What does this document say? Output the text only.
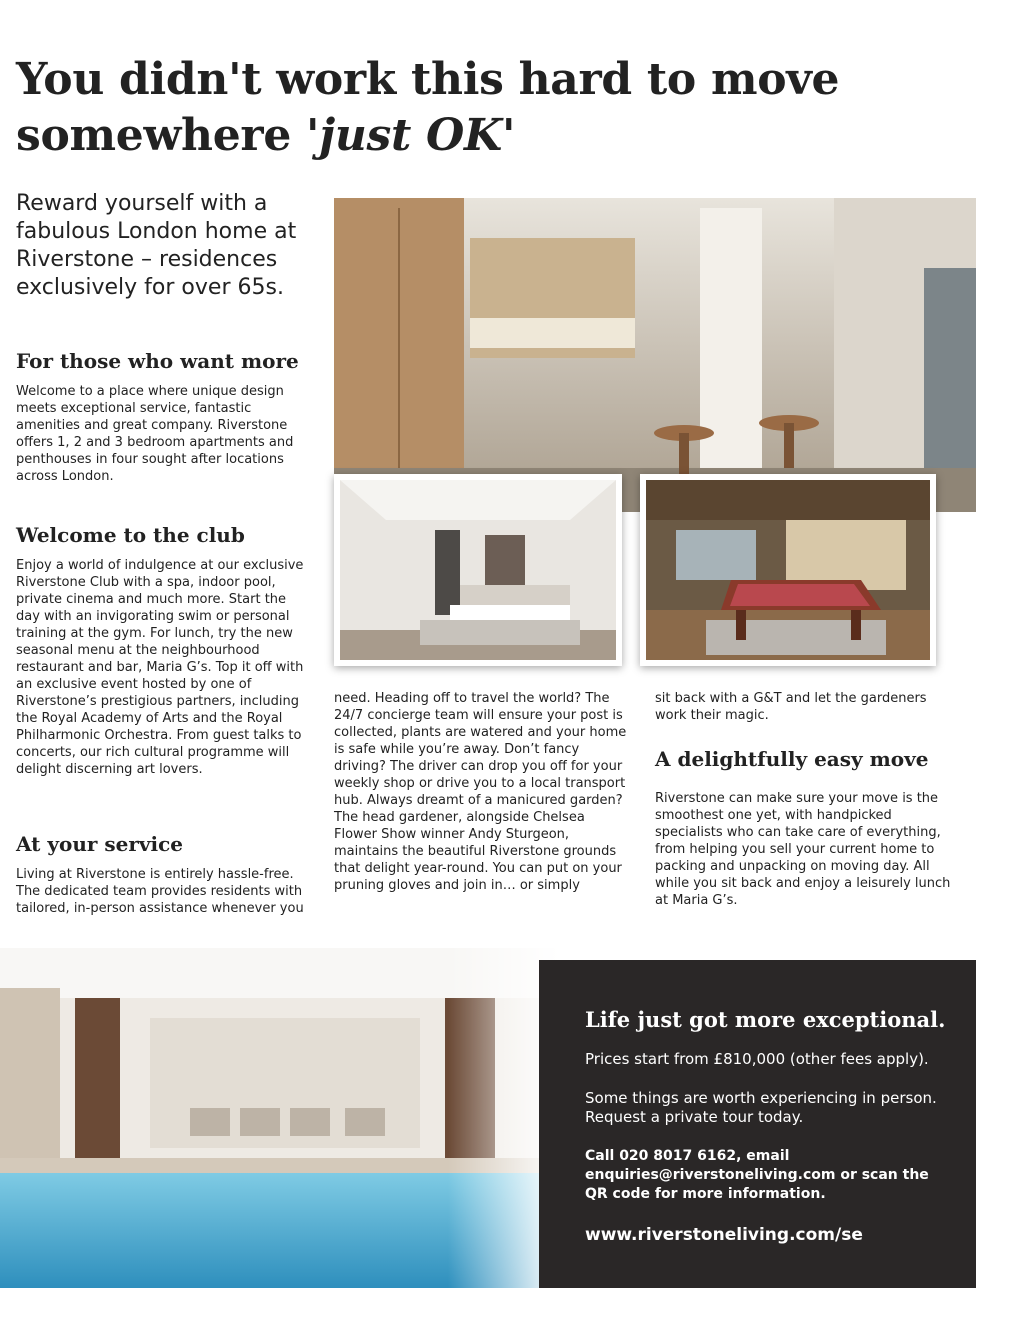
You didn't work this hard to move
somewhere 'just OK'

Reward yourself with a fabulous London home at Riverstone – residences exclusively for over 65s.

For those who want more

Welcome to a place where unique design meets exceptional service, fantastic amenities and great company. Riverstone offers 1, 2 and 3 bedroom apartments and penthouses in four sought after locations across London.

Welcome to the club

Enjoy a world of indulgence at our exclusive Riverstone Club with a spa, indoor pool, private cinema and much more. Start the day with an invigorating swim or personal training at the gym. For lunch, try the new seasonal menu at the neighbourhood restaurant and bar, Maria G’s. Top it off with an exclusive event hosted by one of Riverstone’s prestigious partners, including the Royal Academy of Arts and the Royal Philharmonic Orchestra. From guest talks to concerts, our rich cultural programme will delight discerning art lovers.

At your service

Living at Riverstone is entirely hassle-free. The dedicated team provides residents with tailored, in-person assistance whenever you

need. Heading off to travel the world? The 24/7 concierge team will ensure your post is collected, plants are watered and your home is safe while you’re away. Don’t fancy driving? The driver can drop you off for your weekly shop or drive you to a local transport hub. Always dreamt of a manicured garden? The head gardener, alongside Chelsea Flower Show winner Andy Sturgeon, maintains the beautiful Riverstone grounds that delight year-round. You can put on your pruning gloves and join in… or simply

sit back with a G&T and let the gardeners work their magic.

A delightfully easy move

Riverstone can make sure your move is the smoothest one yet, with handpicked specialists who can take care of everything, from helping you sell your current home to packing and unpacking on moving day. All while you sit back and enjoy a leisurely lunch at Maria G’s.

Life just got more exceptional.

Prices start from £810,000 (other fees apply).

Some things are worth experiencing in person. Request a private tour today.

Call 020 8017 6162, email enquiries@riverstoneliving.com or scan the QR code for more information.

www.riverstoneliving.com/se
